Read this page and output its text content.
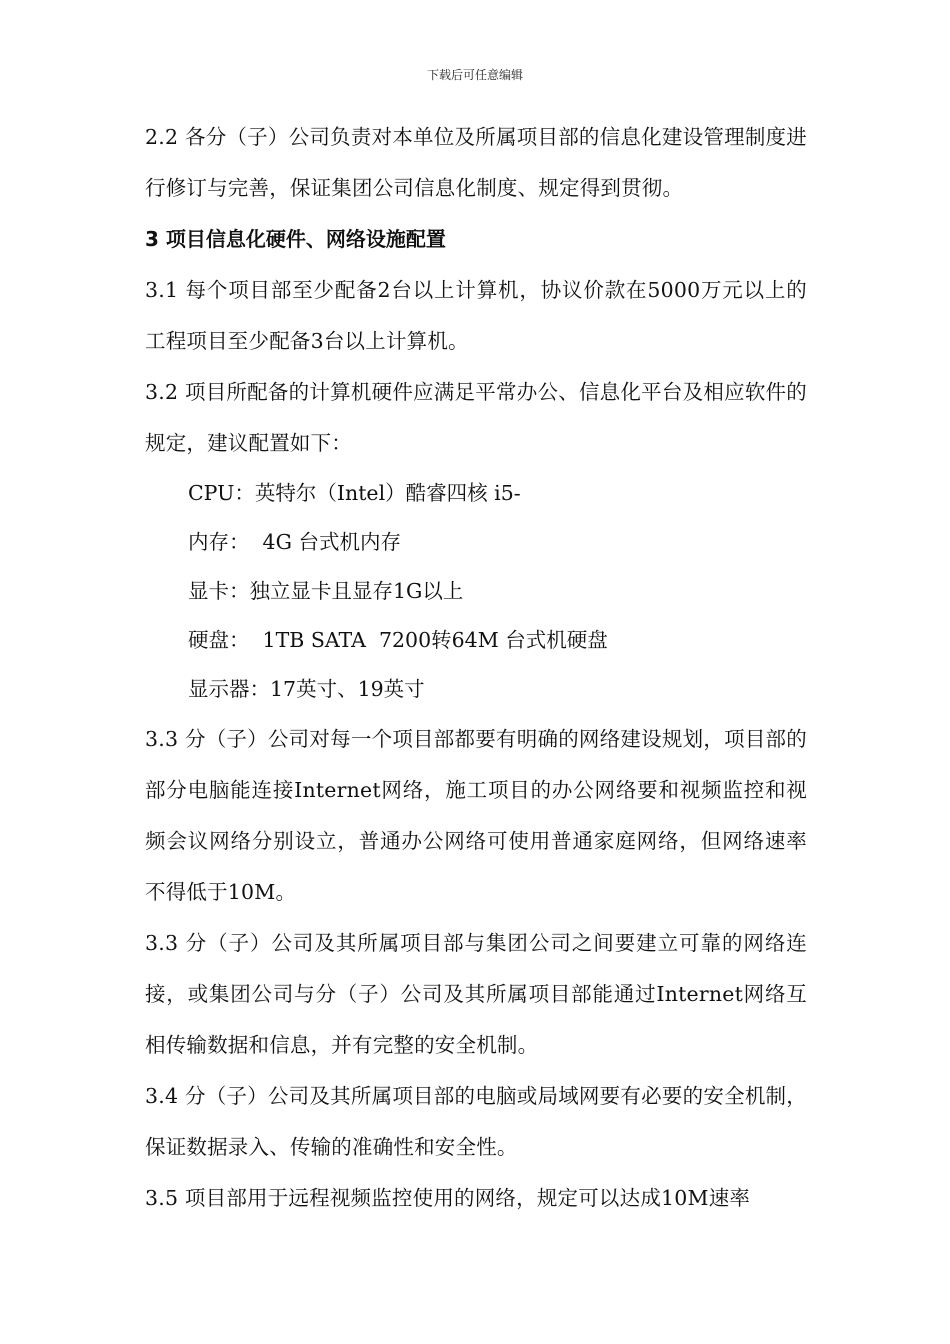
下载后可任意编辑

2.2 各分（子）公司负责对本单位及所属项目部的信息化建设管理制度进行修订与完善，保证集团公司信息化制度、规定得到贯彻。

3 项目信息化硬件、网络设施配置

3.1 每个项目部至少配备2台以上计算机，协议价款在5000万元以上的工程项目至少配备3台以上计算机。

3.2 项目所配备的计算机硬件应满足平常办公、信息化平台及相应软件的规定，建议配置如下：

CPU：英特尔（Intel）酷睿四核 i5-

内存：  4G 台式机内存

显卡：独立显卡且显存1G以上

硬盘：  1TB SATA  7200转64M 台式机硬盘

显示器：17英寸、19英寸

3.3 分（子）公司对每一个项目部都要有明确的网络建设规划，项目部的部分电脑能连接Internet网络，施工项目的办公网络要和视频监控和视频会议网络分别设立，普通办公网络可使用普通家庭网络，但网络速率不得低于10M。

3.3 分（子）公司及其所属项目部与集团公司之间要建立可靠的网络连接，或集团公司与分（子）公司及其所属项目部能通过Internet网络互相传输数据和信息，并有完整的安全机制。

3.4 分（子）公司及其所属项目部的电脑或局域网要有必要的安全机制，保证数据录入、传输的准确性和安全性。

3.5 项目部用于远程视频监控使用的网络，规定可以达成10M速率
